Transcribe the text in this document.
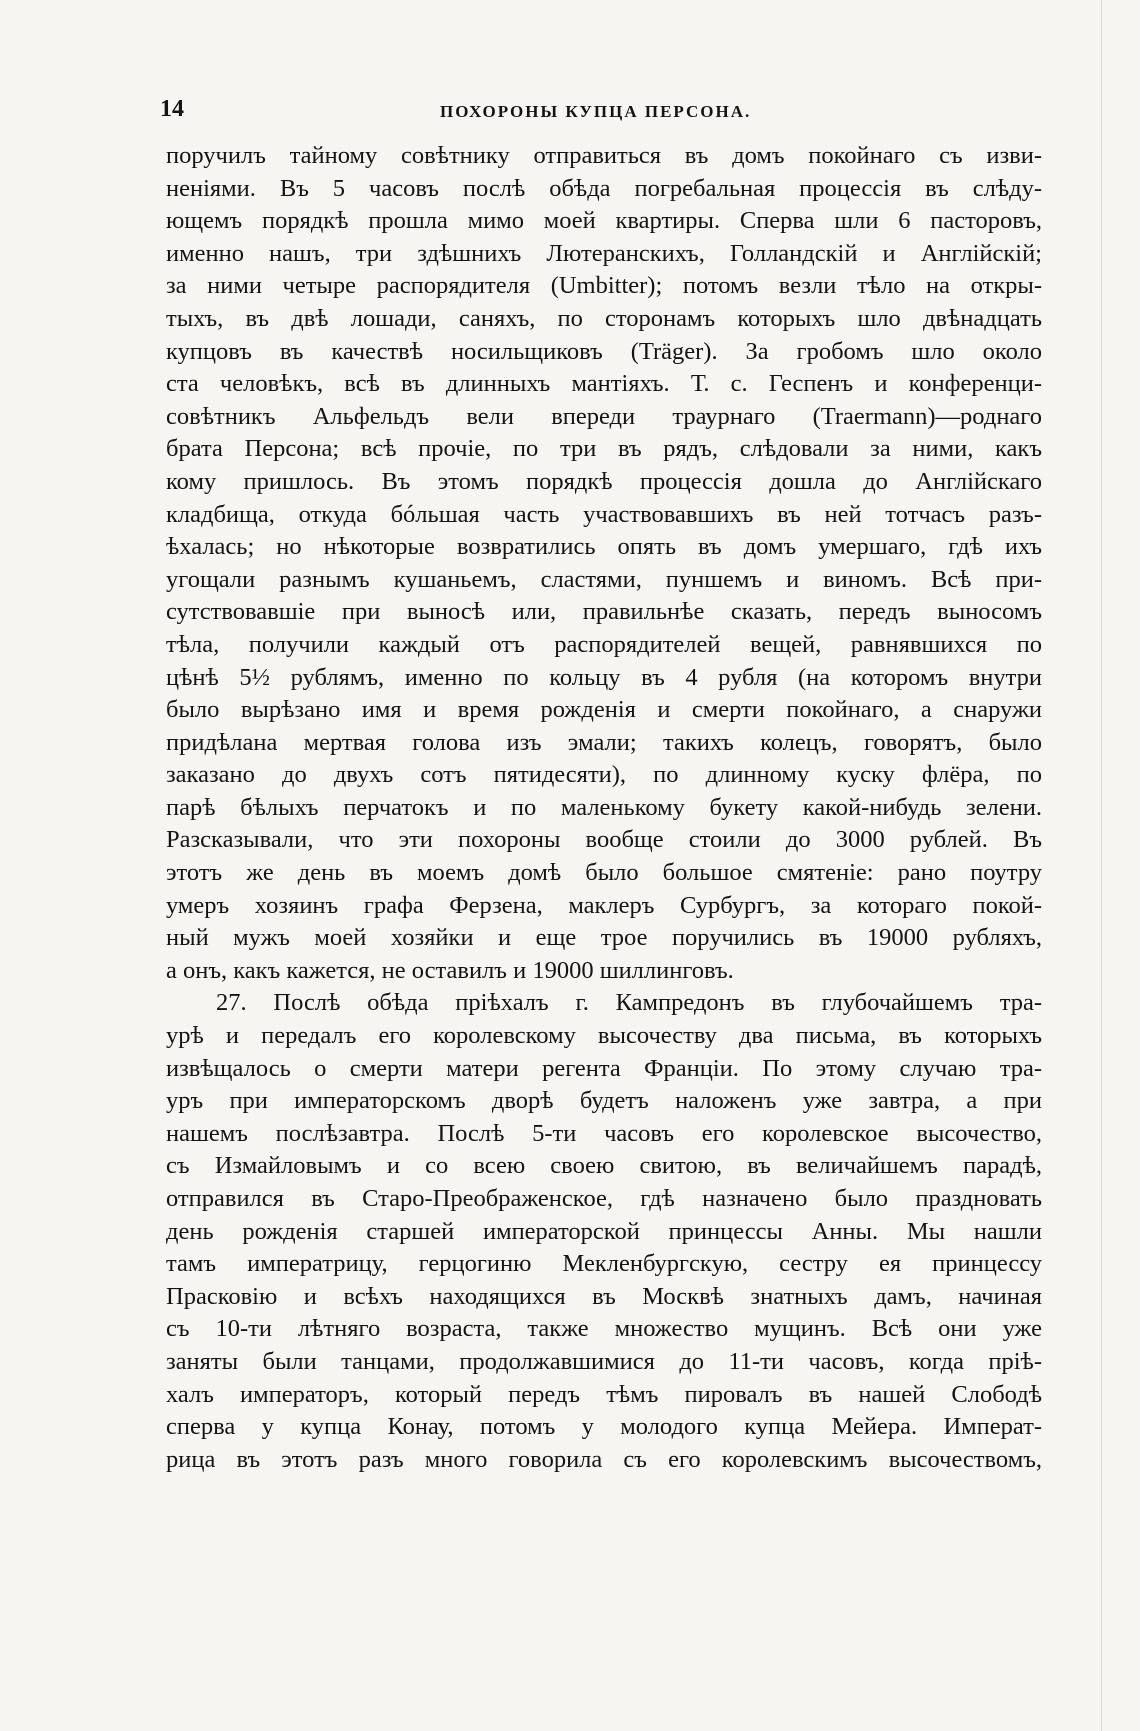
14	ПОХОРОНЫ КУПЦА ПЕРСОНА.
поручилъ тайному совѣтнику отправиться въ домъ покойнаго съ изви-
неніями. Въ 5 часовъ послѣ обѣда погребальная процессія въ слѣду-
ющемъ порядкѣ прошла мимо моей квартиры. Сперва шли 6 пасторовъ,
именно нашъ, три здѣшнихъ Лютеранскихъ, Голландскій и Англійскій;
за ними четыре распорядителя (Umbitter); потомъ везли тѣло на откры-
тыхъ, въ двѣ лошади, саняхъ, по сторонамъ которыхъ шло двѣнадцать
купцовъ въ качествѣ носильщиковъ (Träger). За гробомъ шло около
ста человѣкъ, всѣ въ длинныхъ мантіяхъ. Т. с. Геспенъ и конференци-
совѣтникъ Альфельдъ вели впереди траурнаго (Traermann)—роднаго
брата Персона; всѣ прочіе, по три въ рядъ, слѣдовали за ними, какъ
кому пришлось. Въ этомъ порядкѣ процессія дошла до Англійскаго
кладбища, откуда бóльшая часть участвовавшихъ въ ней тотчасъ разъ-
ѣхалась; но нѣкоторые возвратились опять въ домъ умершаго, гдѣ ихъ
угощали разнымъ кушаньемъ, сластями, пуншемъ и виномъ. Всѣ при-
сутствовавшіе при выносѣ или, правильнѣе сказать, передъ выносомъ
тѣла, получили каждый отъ распорядителей вещей, равнявшихся по
цѣнѣ 5½ рублямъ, именно по кольцу въ 4 рубля (на которомъ внутри
было вырѣзано имя и время рожденія и смерти покойнаго, а снаружи
придѣлана мертвая голова изъ эмали; такихъ колецъ, говорятъ, было
заказано до двухъ сотъ пятидесяти), по длинному куску флёра, по
парѣ бѣлыхъ перчатокъ и по маленькому букету какой-нибудь зелени.
Разсказывали, что эти похороны вообще стоили до 3000 рублей. Въ
этотъ же день въ моемъ домѣ было большое смятеніе: рано поутру
умеръ хозяинъ графа Ферзена, маклеръ Сурбургъ, за котораго покой-
ный мужъ моей хозяйки и еще трое поручились въ 19000 рубляхъ,
а онъ, какъ кажется, не оставилъ и 19000 шиллинговъ.
27. Послѣ обѣда пріѣхалъ г. Кампредонъ въ глубочайшемъ тра-
урѣ и передалъ его королевскому высочеству два письма, въ которыхъ
извѣщалось о смерти матери регента Франціи. По этому случаю тра-
уръ при императорскомъ дворѣ будетъ наложенъ уже завтра, а при
нашемъ послѣзавтра. Послѣ 5-ти часовъ его королевское высочество,
съ Измайловымъ и со всею своею свитою, въ величайшемъ парадѣ,
отправился въ Старо-Преображенское, гдѣ назначено было праздновать
день рожденія старшей императорской принцессы Анны. Мы нашли
тамъ императрицу, герцогиню Мекленбургскую, сестру ея принцессу
Прасковію и всѣхъ находящихся въ Москвѣ знатныхъ дамъ, начиная
съ 10-ти лѣтняго возраста, также множество мущинъ. Всѣ они уже
заняты были танцами, продолжавшимися до 11-ти часовъ, когда пріѣ-
халъ императоръ, который передъ тѣмъ пировалъ въ нашей Слободѣ
сперва у купца Конау, потомъ у молодого купца Мейера. Императ-
рица въ этотъ разъ много говорила съ его королевскимъ высочествомъ,
